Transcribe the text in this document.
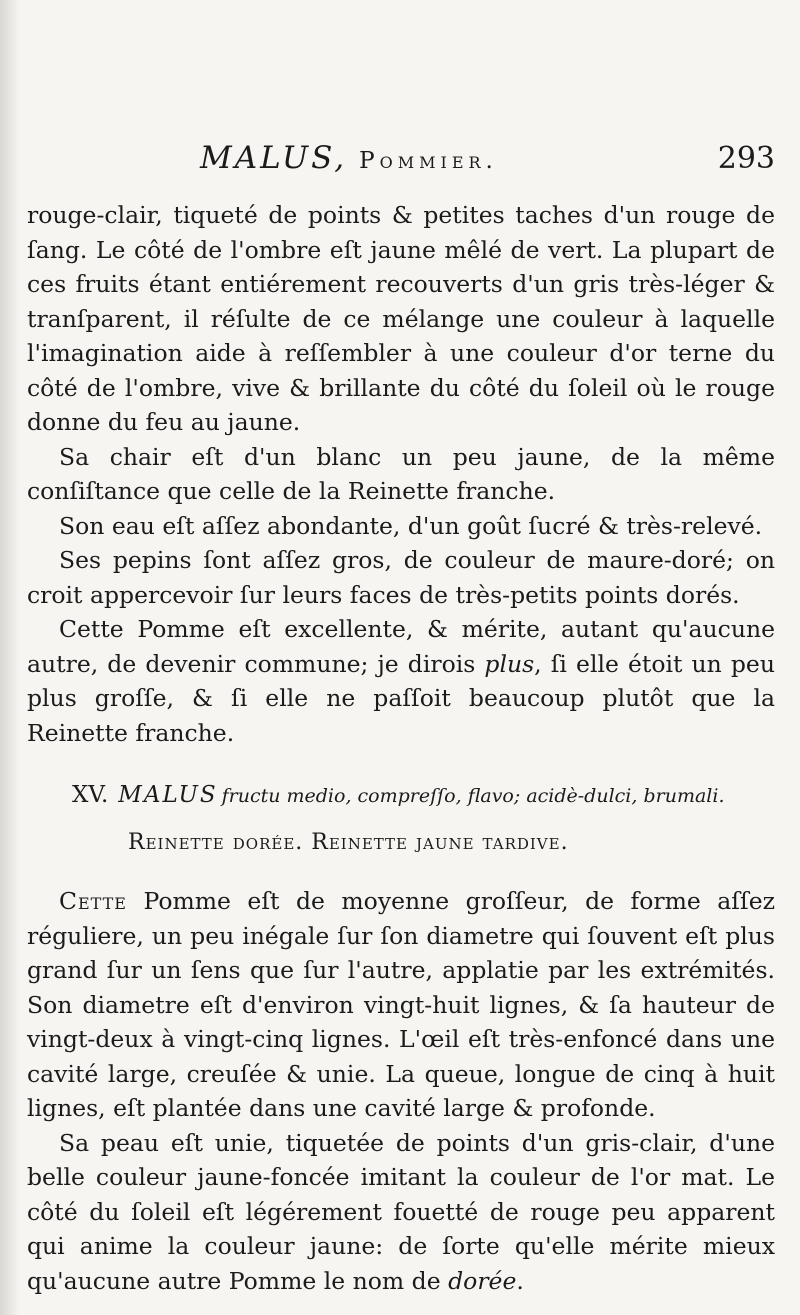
MALUS, Pommier.	293

rouge-clair, tiqueté de points & petites taches d'un rouge de ſang. Le côté de l'ombre eſt jaune mêlé de vert. La plupart de ces fruits étant entiérement recouverts d'un gris très-léger & tranſparent, il réſulte de ce mélange une couleur à laquelle l'imagination aide à reſſembler à une couleur d'or terne du côté de l'ombre, vive & brillante du côté du ſoleil où le rouge donne du feu au jaune.

Sa chair eſt d'un blanc un peu jaune, de la même conſiſtance que celle de la Reinette franche.

Son eau eſt aſſez abondante, d'un goût ſucré & très-relevé.

Ses pepins ſont aſſez gros, de couleur de maure-doré; on croit appercevoir ſur leurs faces de très-petits points dorés.

Cette Pomme eſt excellente, & mérite, autant qu'aucune autre, de devenir commune; je dirois plus, ſi elle étoit un peu plus groſſe, & ſi elle ne paſſoit beaucoup plutôt que la Reinette franche.

XV. MALUS fructu medio, compreſſo, flavo; acidè-dulci, brumali.
Reinette dorée. Reinette jaune tardive.

Cette Pomme eſt de moyenne groſſeur, de forme aſſez réguliere, un peu inégale ſur ſon diametre qui ſouvent eſt plus grand ſur un ſens que ſur l'autre, applatie par les extrémités. Son diametre eſt d'environ vingt-huit lignes, & ſa hauteur de vingt-deux à vingt-cinq lignes. L'œil eſt très-enfoncé dans une cavité large, creuſée & unie. La queue, longue de cinq à huit lignes, eſt plantée dans une cavité large & profonde.

Sa peau eſt unie, tiquetée de points d'un gris-clair, d'une belle couleur jaune-foncée imitant la couleur de l'or mat. Le côté du ſoleil eſt légérement fouetté de rouge peu apparent qui anime la couleur jaune: de ſorte qu'elle mérite mieux qu'aucune autre Pomme le nom de dorée.
